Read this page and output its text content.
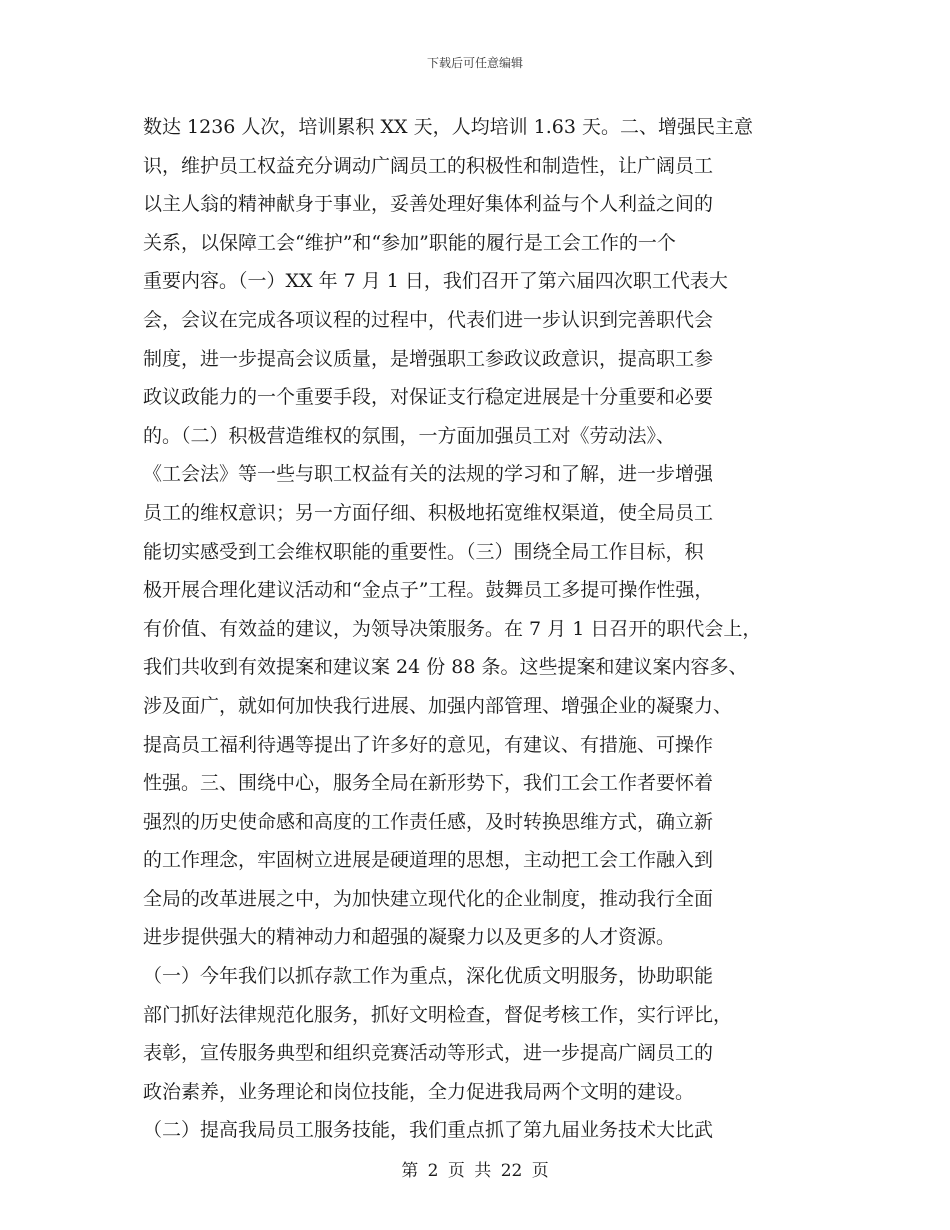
下载后可任意编辑
数达 1236 人次，培训累积 XX 天，人均培训 1.63 天。二、增强民主意
识，维护员工权益充分调动广阔员工的积极性和制造性，让广阔员工
以主人翁的精神献身于事业，妥善处理好集体利益与个人利益之间的
关系，以保障工会“维护”和“参加”职能的履行是工会工作的一个
重要内容。（一）XX 年 7 月 1 日，我们召开了第六届四次职工代表大
会，会议在完成各项议程的过程中，代表们进一步认识到完善职代会
制度，进一步提高会议质量，是增强职工参政议政意识，提高职工参
政议政能力的一个重要手段，对保证支行稳定进展是十分重要和必要
的。（二）积极营造维权的氛围，一方面加强员工对《劳动法》、
《工会法》等一些与职工权益有关的法规的学习和了解，进一步增强
员工的维权意识；另一方面仔细、积极地拓宽维权渠道，使全局员工
能切实感受到工会维权职能的重要性。（三）围绕全局工作目标，积
极开展合理化建议活动和“金点子”工程。鼓舞员工多提可操作性强，
有价值、有效益的建议，为领导决策服务。在 7 月 1 日召开的职代会上，
我们共收到有效提案和建议案 24 份 88 条。这些提案和建议案内容多、
涉及面广，就如何加快我行进展、加强内部管理、增强企业的凝聚力、
提高员工福利待遇等提出了许多好的意见，有建议、有措施、可操作
性强。三、围绕中心，服务全局在新形势下，我们工会工作者要怀着
强烈的历史使命感和高度的工作责任感，及时转换思维方式，确立新
的工作理念，牢固树立进展是硬道理的思想，主动把工会工作融入到
全局的改革进展之中，为加快建立现代化的企业制度，推动我行全面
进步提供强大的精神动力和超强的凝聚力以及更多的人才资源。
（一）今年我们以抓存款工作为重点，深化优质文明服务，协助职能
部门抓好法律规范化服务，抓好文明检查，督促考核工作，实行评比，
表彰，宣传服务典型和组织竞赛活动等形式，进一步提高广阔员工的
政治素养，业务理论和岗位技能，全力促进我局两个文明的建设。
（二）提高我局员工服务技能，我们重点抓了第九届业务技术大比武
第 2 页 共 22 页
